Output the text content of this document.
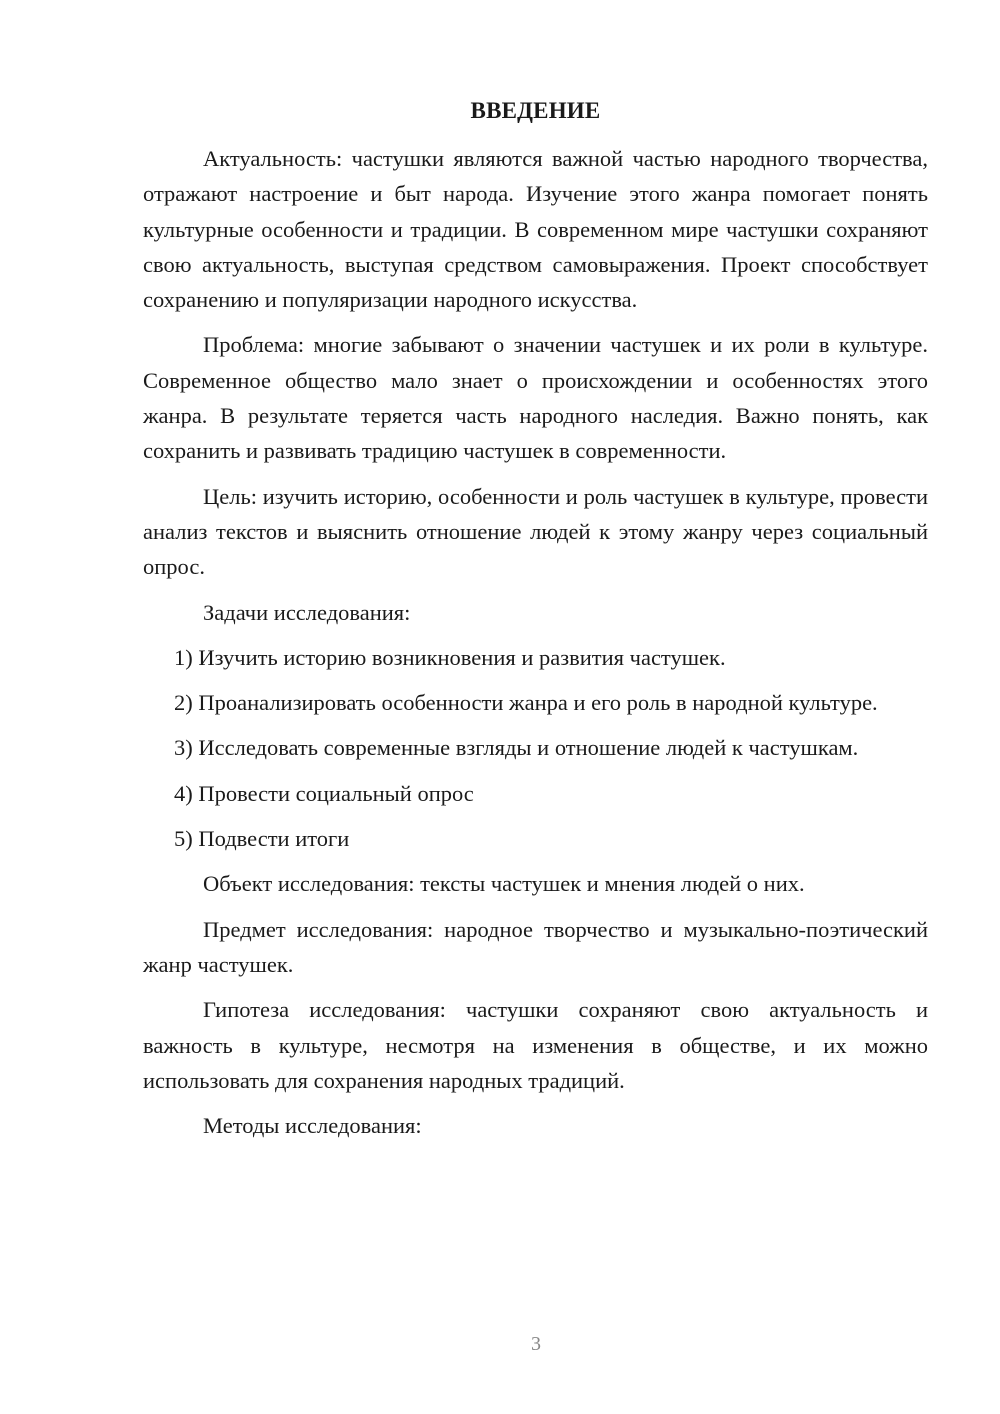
ВВЕДЕНИЕ

Актуальность: частушки являются важной частью народного творчества, отражают настроение и быт народа. Изучение этого жанра помогает понять культурные особенности и традиции. В современном мире частушки сохраняют свою актуальность, выступая средством самовыражения. Проект способствует сохранению и популяризации народного искусства.

Проблема: многие забывают о значении частушек и их роли в культуре. Современное общество мало знает о происхождении и особенностях этого жанра. В результате теряется часть народного наследия. Важно понять, как сохранить и развивать традицию частушек в современности.

Цель: изучить историю, особенности и роль частушек в культуре, провести анализ текстов и выяснить отношение людей к этому жанру через социальный опрос.

Задачи исследования:

1) Изучить историю возникновения и развития частушек.

2) Проанализировать особенности жанра и его роль в народной культуре.

3) Исследовать современные взгляды и отношение людей к частушкам.

4) Провести социальный опрос

5) Подвести итоги

Объект исследования: тексты частушек и мнения людей о них.

Предмет исследования: народное творчество и музыкально-поэтический жанр частушек.

Гипотеза исследования: частушки сохраняют свою актуальность и важность в культуре, несмотря на изменения в обществе, и их можно использовать для сохранения народных традиций.

Методы исследования:

3
